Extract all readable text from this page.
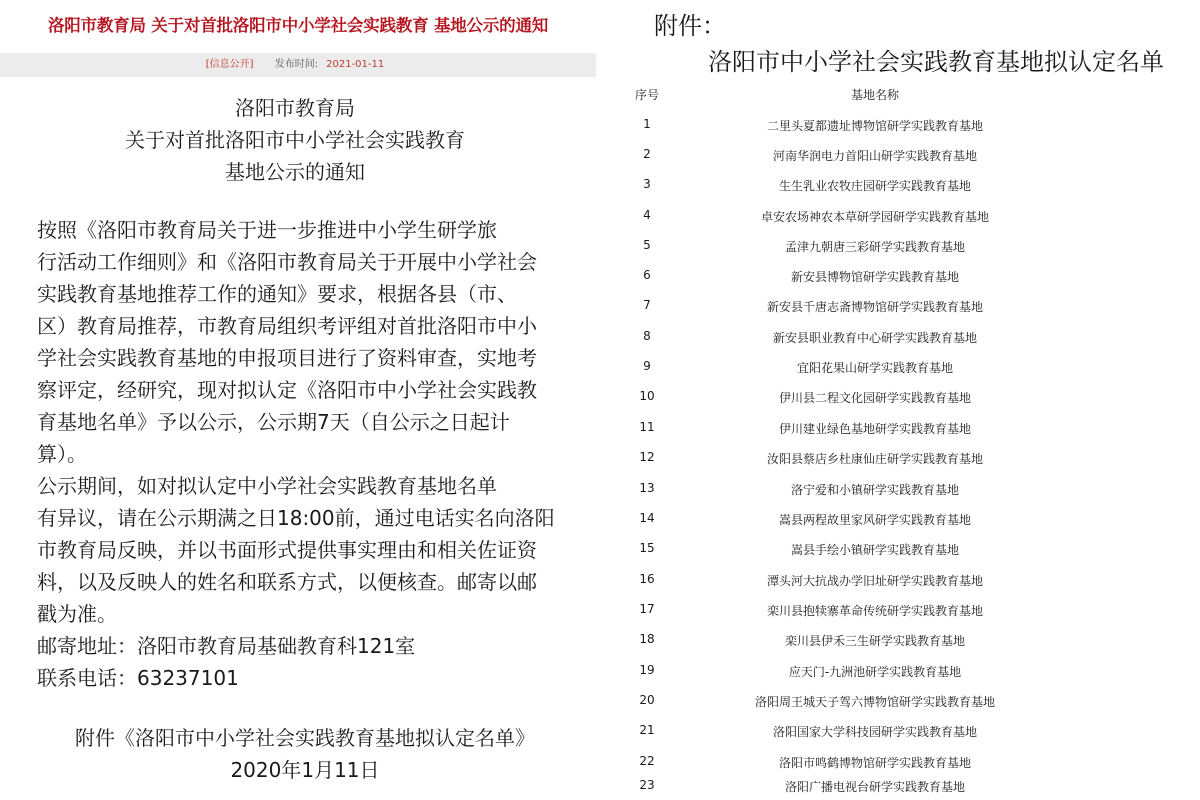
洛阳市教育局 关于对首批洛阳市中小学社会实践教育 基地公示的通知
[信息公开] 发布时间: 2021-01-11
洛阳市教育局
关于对首批洛阳市中小学社会实践教育
基地公示的通知
按照《洛阳市教育局关于进一步推进中小学生研学旅
行活动工作细则》和《洛阳市教育局关于开展中小学社会
实践教育基地推荐工作的通知》要求，根据各县（市、
区）教育局推荐，市教育局组织考评组对首批洛阳市中小
学社会实践教育基地的申报项目进行了资料审查，实地考
察评定，经研究，现对拟认定《洛阳市中小学社会实践教
育基地名单》予以公示，公示期7天（自公示之日起计
算）。
公示期间，如对拟认定中小学社会实践教育基地名单
有异议，请在公示期满之日18:00前，通过电话实名向洛阳
市教育局反映，并以书面形式提供事实理由和相关佐证资
料，以及反映人的姓名和联系方式，以便核查。邮寄以邮
戳为准。
邮寄地址：洛阳市教育局基础教育科121室
联系电话：63237101
附件《洛阳市中小学社会实践教育基地拟认定名单》
2020年1月11日
附件：
洛阳市中小学社会实践教育基地拟认定名单
序号	基地名称
1	二里头夏都遗址博物馆研学实践教育基地
2	河南华润电力首阳山研学实践教育基地
3	生生乳业农牧庄园研学实践教育基地
4	卓安农场神农本草研学园研学实践教育基地
5	孟津九朝唐三彩研学实践教育基地
6	新安县博物馆研学实践教育基地
7	新安县千唐志斋博物馆研学实践教育基地
8	新安县职业教育中心研学实践教育基地
9	宜阳花果山研学实践教育基地
10	伊川县二程文化园研学实践教育基地
11	伊川建业绿色基地研学实践教育基地
12	汝阳县蔡店乡杜康仙庄研学实践教育基地
13	洛宁爱和小镇研学实践教育基地
14	嵩县两程故里家风研学实践教育基地
15	嵩县手绘小镇研学实践教育基地
16	潭头河大抗战办学旧址研学实践教育基地
17	栾川县抱犊寨革命传统研学实践教育基地
18	栾川县伊禾三生研学实践教育基地
19	应天门-九洲池研学实践教育基地
20	洛阳周王城天子驾六博物馆研学实践教育基地
21	洛阳国家大学科技园研学实践教育基地
22	洛阳市鸣鹤博物馆研学实践教育基地
23	洛阳广播电视台研学实践教育基地
